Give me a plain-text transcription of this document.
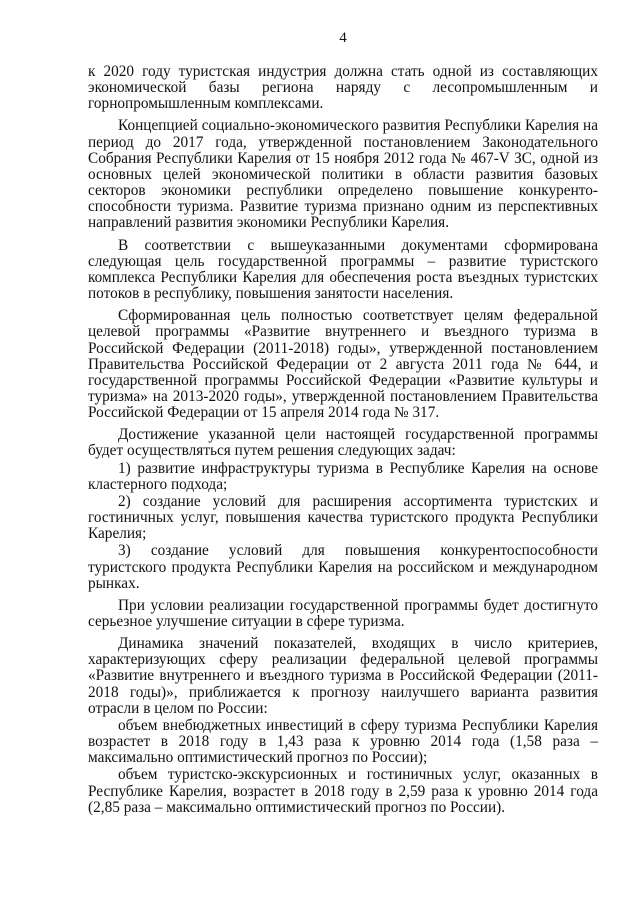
4

к 2020 году туристская индустрия должна стать одной из составляющих экономической базы региона наряду с лесопромышленным и горнопромышленным комплексами.

Концепцией социально-экономического развития Республики Карелия на период до 2017 года, утвержденной постановлением Законодательного Собрания Республики Карелия от 15 ноября 2012 года № 467-V ЗС, одной из основных целей экономической политики в области развития базовых секторов экономики республики определено повышение конкуренто-способности туризма. Развитие туризма признано одним из перспективных направлений развития экономики Республики Карелия.

В соответствии с вышеуказанными документами сформирована следующая цель государственной программы – развитие туристского комплекса Республики Карелия для обеспечения роста въездных туристских потоков в республику, повышения занятости населения.

Сформированная цель полностью соответствует целям федеральной целевой программы «Развитие внутреннего и въездного туризма в Российской Федерации (2011-2018) годы», утвержденной постановлением Правительства Российской Федерации от 2 августа 2011 года № 644, и государственной программы Российской Федерации «Развитие культуры и туризма» на 2013-2020 годы», утвержденной постановлением Правительства Российской Федерации от 15 апреля 2014 года № 317.

Достижение указанной цели настоящей государственной программы будет осуществляться путем решения следующих задач:

1) развитие инфраструктуры туризма в Республике Карелия на основе кластерного подхода;

2) создание условий для расширения ассортимента туристских и гостиничных услуг, повышения качества туристского продукта Республики Карелия;

3) создание условий для повышения конкурентоспособности туристского продукта Республики Карелия на российском и международном рынках.

При условии реализации государственной программы будет достигнуто серьезное улучшение ситуации в сфере туризма.

Динамика значений показателей, входящих в число критериев, характеризующих сферу реализации федеральной целевой программы «Развитие внутреннего и въездного туризма в Российской Федерации (2011-2018 годы)», приближается к прогнозу наилучшего варианта развития отрасли в целом по России:

объем внебюджетных инвестиций в сферу туризма Республики Карелия возрастет в 2018 году в 1,43 раза к уровню 2014 года (1,58 раза – максимально оптимистический прогноз по России);

объем туристско-экскурсионных и гостиничных услуг, оказанных в Республике Карелия, возрастет в 2018 году в 2,59 раза к уровню 2014 года (2,85 раза – максимально оптимистический прогноз по России).
